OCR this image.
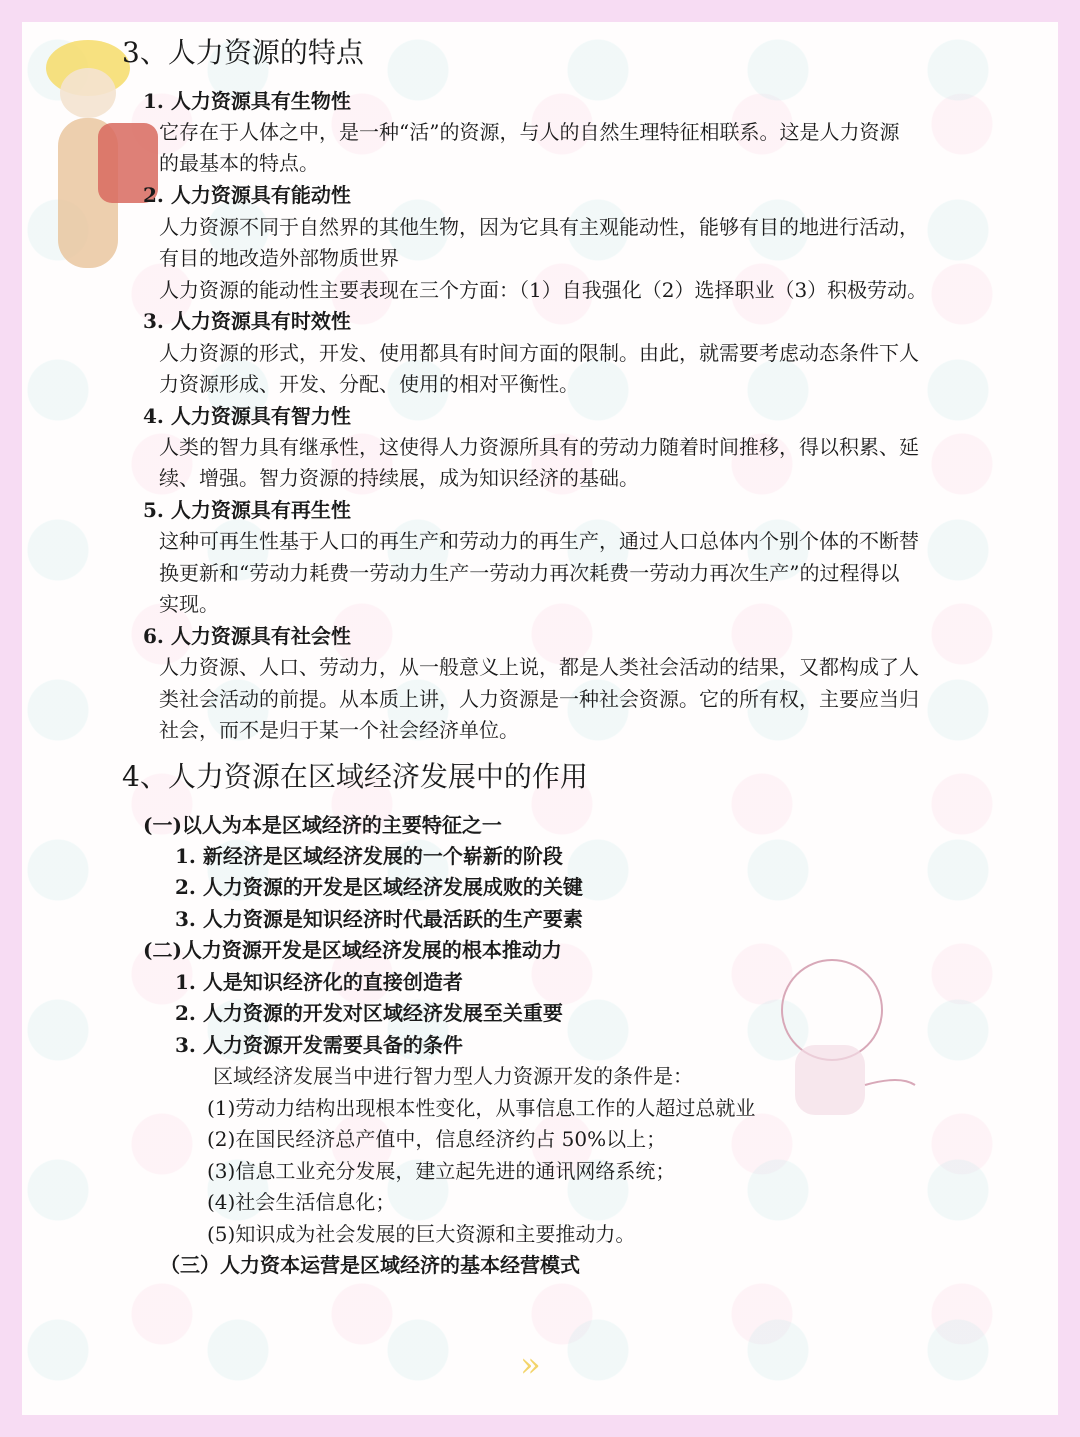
»
3、人力资源的特点
1. 人力资源具有生物性
它存在于人体之中，是一种“活”的资源，与人的自然生理特征相联系。这是人力资源
的最基本的特点。
2. 人力资源具有能动性
人力资源不同于自然界的其他生物，因为它具有主观能动性，能够有目的地进行活动，
有目的地改造外部物质世界
人力资源的能动性主要表现在三个方面：（1）自我强化（2）选择职业（3）积极劳动。
3. 人力资源具有时效性
人力资源的形式，开发、使用都具有时间方面的限制。由此，就需要考虑动态条件下人
力资源形成、开发、分配、使用的相对平衡性。
4. 人力资源具有智力性
人类的智力具有继承性，这使得人力资源所具有的劳动力随着时间推移，得以积累、延
续、增强。智力资源的持续展，成为知识经济的基础。
5. 人力资源具有再生性
这种可再生性基于人口的再生产和劳动力的再生产，通过人口总体内个别个体的不断替
换更新和“劳动力耗费一劳动力生产一劳动力再次耗费一劳动力再次生产”的过程得以
实现。
6. 人力资源具有社会性
人力资源、人口、劳动力，从一般意义上说，都是人类社会活动的结果，又都构成了人
类社会活动的前提。从本质上讲，人力资源是一种社会资源。它的所有权，主要应当归
社会，而不是归于某一个社会经济单位。
4、人力资源在区域经济发展中的作用
(一)以人为本是区域经济的主要特征之一
1. 新经济是区域经济发展的一个崭新的阶段
2. 人力资源的开发是区域经济发展成败的关键
3. 人力资源是知识经济时代最活跃的生产要素
(二)人力资源开发是区域经济发展的根本推动力
1. 人是知识经济化的直接创造者
2. 人力资源的开发对区域经济发展至关重要
3. 人力资源开发需要具备的条件
区域经济发展当中进行智力型人力资源开发的条件是：
(1)劳动力结构出现根本性变化，从事信息工作的人超过总就业
(2)在国民经济总产值中，信息经济约占 50%以上；
(3)信息工业充分发展，建立起先进的通讯网络系统；
(4)社会生活信息化；
(5)知识成为社会发展的巨大资源和主要推动力。
（三）人力资本运营是区域经济的基本经营模式
